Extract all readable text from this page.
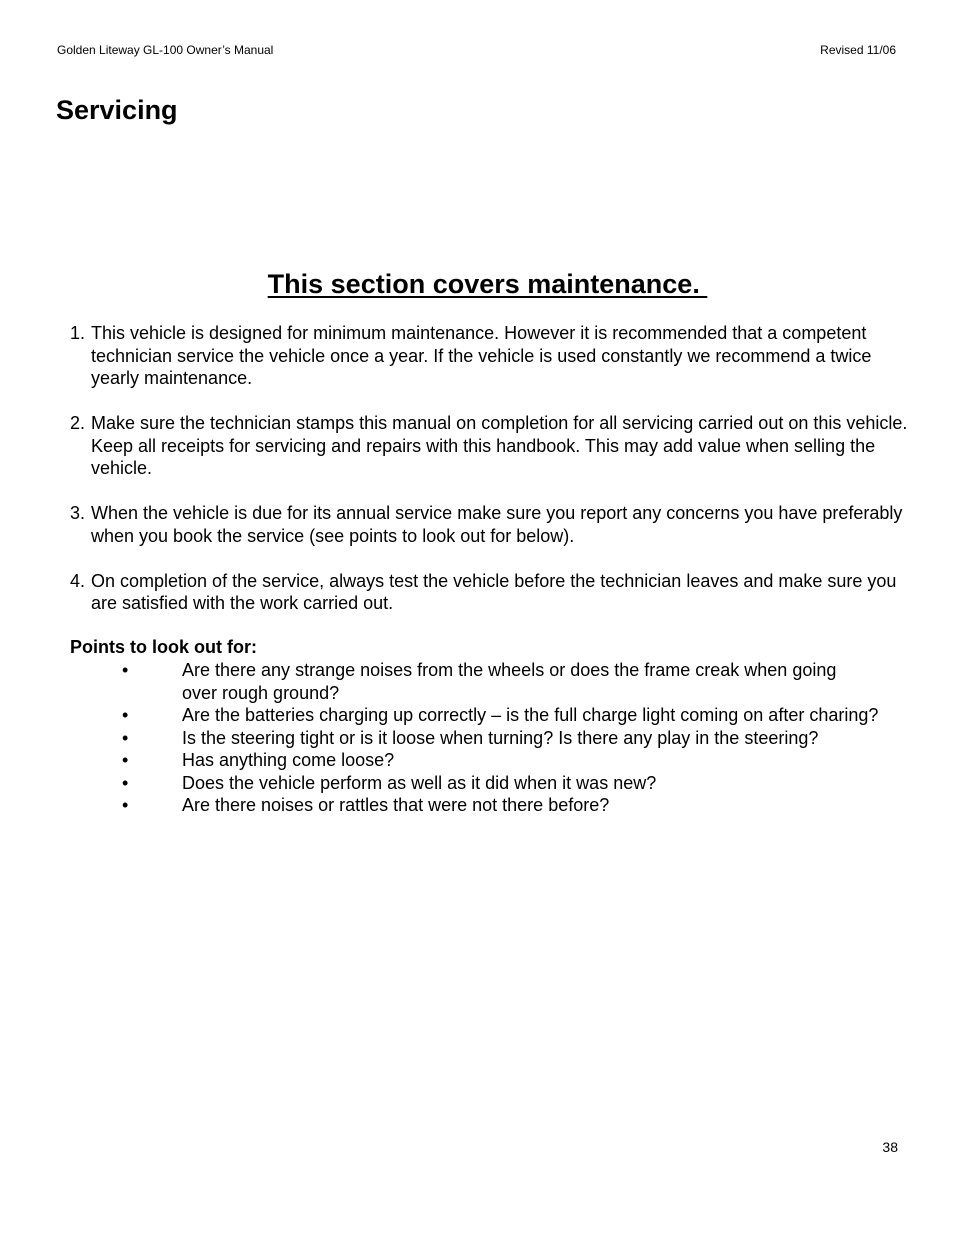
Golden Liteway GL-100 Owner’s Manual	Revised 11/06
Servicing
This section covers maintenance.
1. This vehicle is designed for minimum maintenance. However it is recommended that a competent technician service the vehicle once a year. If the vehicle is used constantly we recommend a twice yearly maintenance.
2. Make sure the technician stamps this manual on completion for all servicing carried out on this vehicle. Keep all receipts for servicing and repairs with this handbook. This may add value when selling the vehicle.
3. When the vehicle is due for its annual service make sure you report any concerns you have preferably when you book the service (see points to look out for below).
4. On completion of the service, always test the vehicle before the technician leaves and make sure you are satisfied with the work carried out.

Points to look out for:

•	Are there any strange noises from the wheels or does the frame creak when going
over rough ground?
•	Are the batteries charging up correctly – is the full charge light coming on after charing?
•	Is the steering tight or is it loose when turning? Is there any play in the steering?
•	Has anything come loose?
•	Does the vehicle perform as well as it did when it was new?
•	Are there noises or rattles that were not there before?
38
